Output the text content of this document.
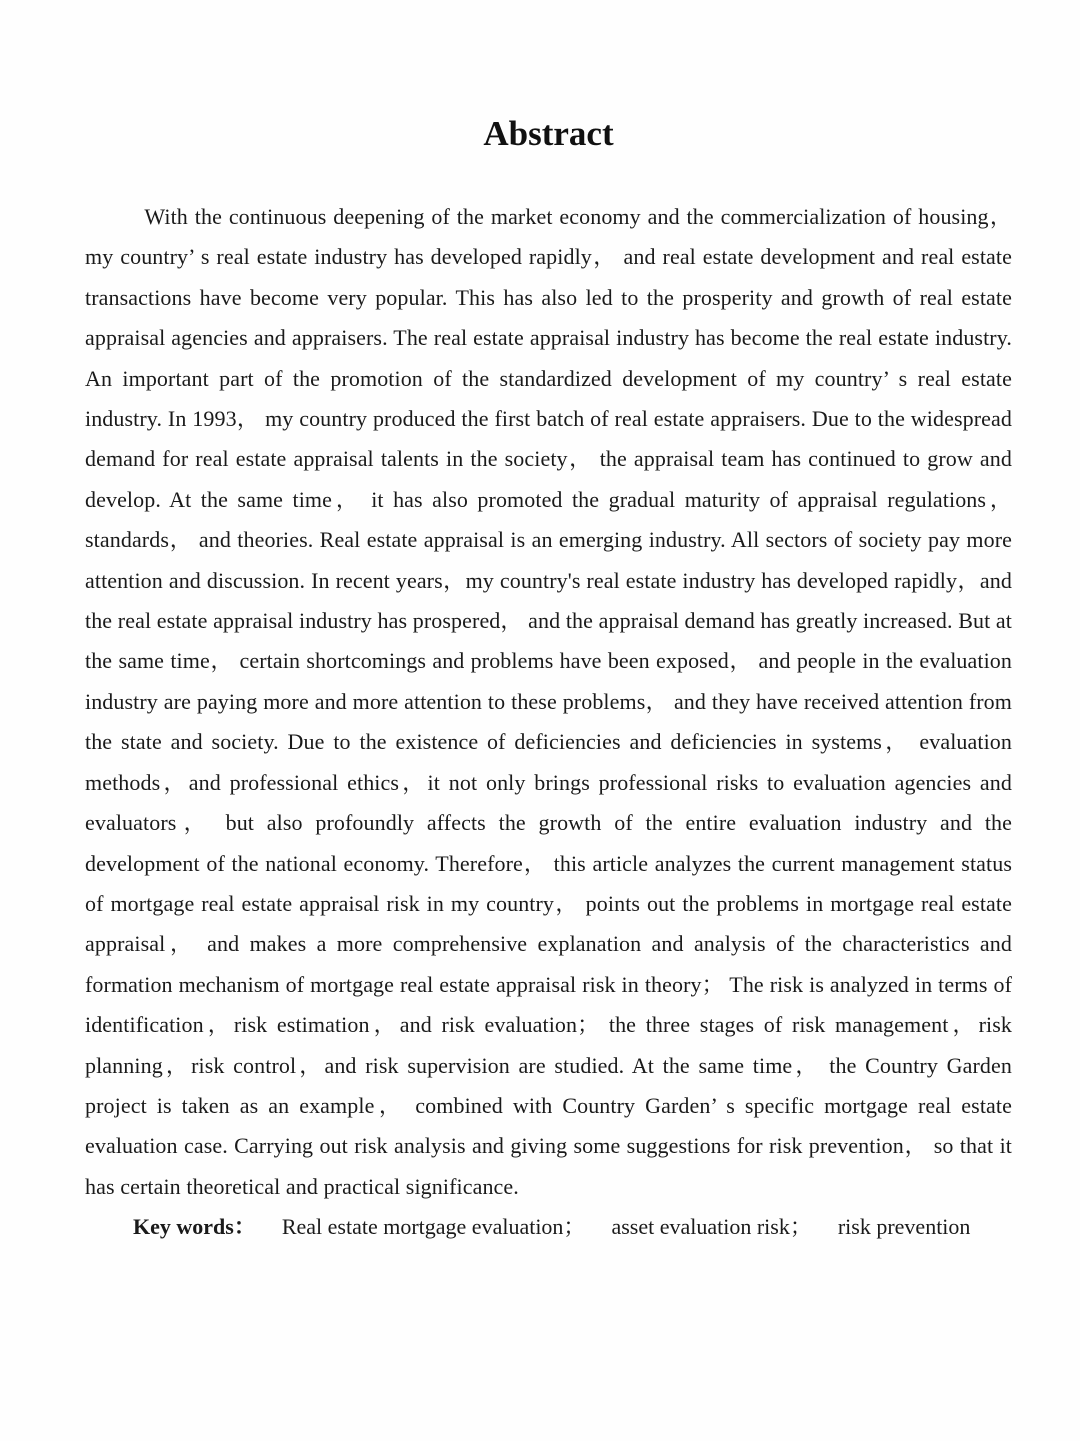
Abstract

With the continuous deepening of the market economy and the commercialization of housing， my country’ s real estate industry has developed rapidly， and real estate development and real estate transactions have become very popular. This has also led to the prosperity and growth of real estate appraisal agencies and appraisers. The real estate appraisal industry has become the real estate industry. An important part of the promotion of the standardized development of my country’ s real estate industry. In 1993， my country produced the first batch of real estate appraisers. Due to the widespread demand for real estate appraisal talents in the society， the appraisal team has continued to grow and develop. At the same time， it has also promoted the gradual maturity of appraisal regulations， standards， and theories. Real estate appraisal is an emerging industry. All sectors of society pay more attention and discussion. In recent years，my country's real estate industry has developed rapidly，and the real estate appraisal industry has prospered， and the appraisal demand has greatly increased. But at the same time， certain shortcomings and problems have been exposed， and people in the evaluation industry are paying more and more attention to these problems， and they have received attention from the state and society. Due to the existence of deficiencies and deficiencies in systems， evaluation methods，and professional ethics，it not only brings professional risks to evaluation agencies and evaluators， but also profoundly affects the growth of the entire evaluation industry and the development of the national economy. Therefore， this article analyzes the current management status of mortgage real estate appraisal risk in my country， points out the problems in mortgage real estate appraisal， and makes a more comprehensive explanation and analysis of the characteristics and formation mechanism of mortgage real estate appraisal risk in theory； The risk is analyzed in terms of identification，risk estimation，and risk evaluation； the three stages of risk management，risk planning，risk control，and risk supervision are studied. At the same time， the Country Garden project is taken as an example， combined with Country Garden’ s specific mortgage real estate evaluation case. Carrying out risk analysis and giving some suggestions for risk prevention， so that it has certain theoretical and practical significance.

Key words： Real estate mortgage evaluation； asset evaluation risk； risk prevention
